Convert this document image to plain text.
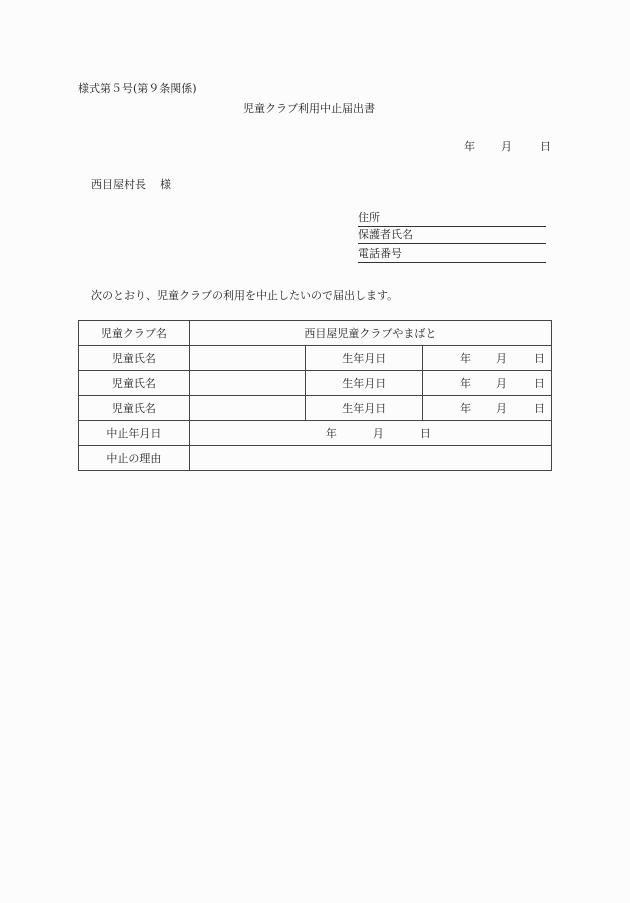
様式第５号(第９条関係)
児童クラブ利用中止届出書
年 月	日
西目屋村長 様
住所
保護者氏名
電話番号
次のとおり、児童クラブの利用を中止したいので届出します。
児童クラブ名	西目屋児童クラブやまばと		
児童氏名		生年月日	年 月 日
児童氏名		生年月日	年 月 日
児童氏名		生年月日	年 月 日
中止年月日	年 月 日		
中止の理由			
